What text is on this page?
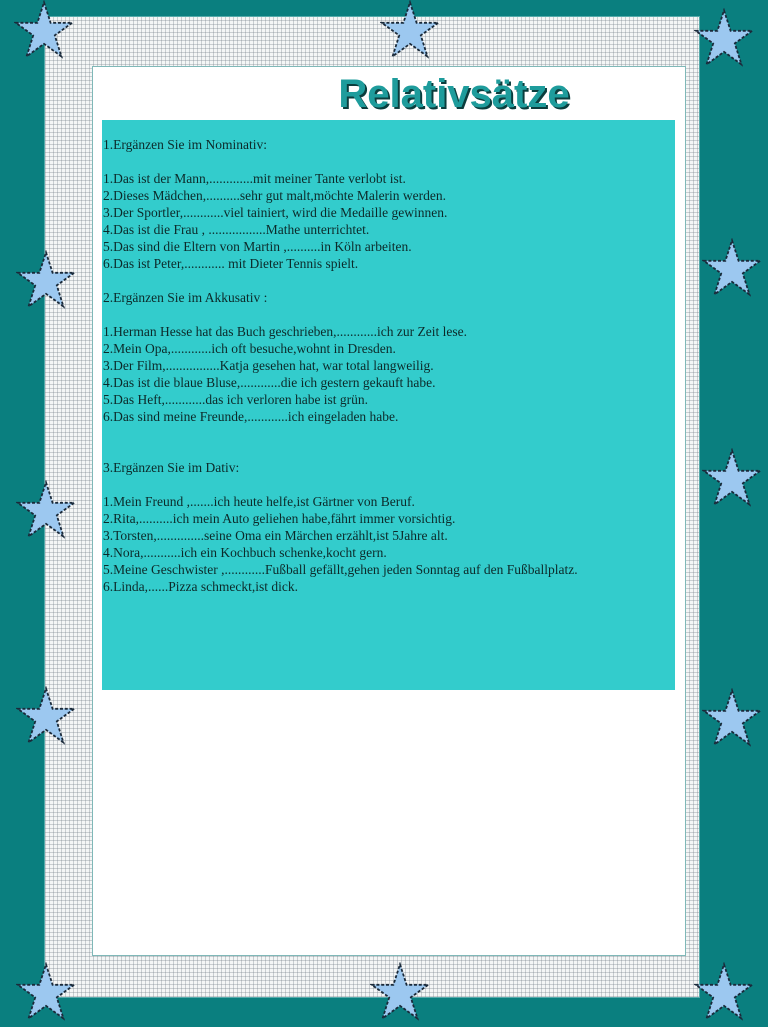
Relativsätze

1.Ergänzen Sie im Nominativ:

1.Das ist der Mann,.............mit meiner Tante verlobt ist.
2.Dieses Mädchen,..........sehr gut malt,möchte Malerin werden.
3.Der Sportler,............viel tainiert, wird die Medaille gewinnen.
4.Das ist die Frau , .................Mathe unterrichtet.
5.Das sind die Eltern von Martin ,..........in Köln arbeiten.
6.Das ist Peter,............ mit Dieter Tennis spielt.

2.Ergänzen Sie im Akkusativ :

1.Herman Hesse hat das Buch geschrieben,............ich zur Zeit lese.
2.Mein Opa,............ich oft besuche,wohnt in Dresden.
3.Der Film,................Katja gesehen hat, war total langweilig.
4.Das ist die blaue Bluse,............die ich gestern gekauft habe.
5.Das Heft,............das ich verloren habe ist grün.
6.Das sind meine Freunde,............ich eingeladen habe.

3.Ergänzen Sie im Dativ:

1.Mein Freund ,.......ich heute helfe,ist Gärtner von Beruf.
2.Rita,..........ich mein Auto geliehen habe,fährt immer vorsichtig.
3.Torsten,..............seine Oma ein Märchen erzählt,ist 5Jahre alt.
4.Nora,...........ich ein Kochbuch schenke,kocht gern.
5.Meine Geschwister ,............Fußball gefällt,gehen jeden Sonntag auf den Fußballplatz.
6.Linda,......Pizza schmeckt,ist dick.
